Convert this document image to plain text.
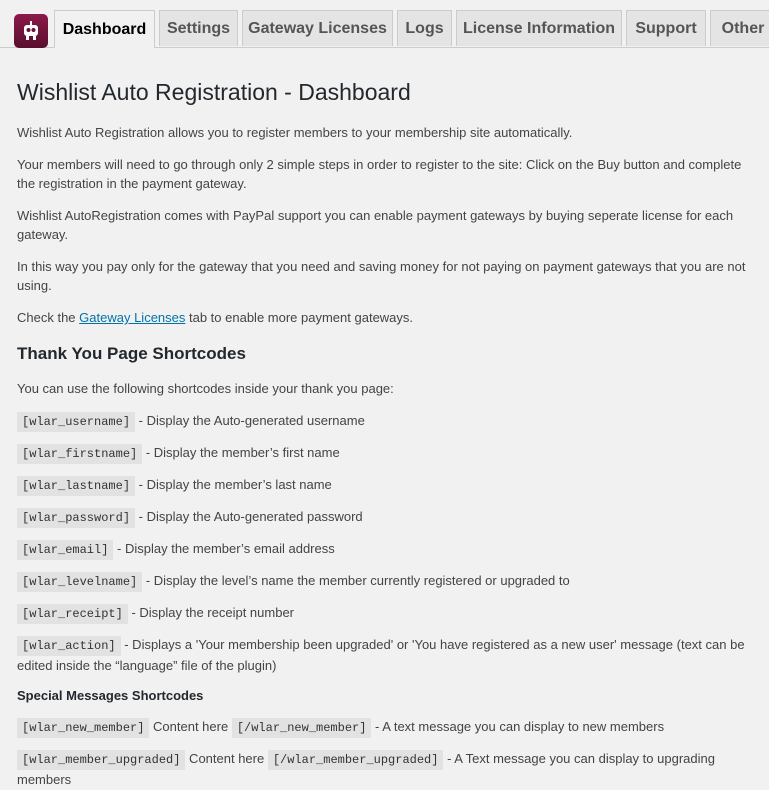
Dashboard	Settings	Gateway Licenses	Logs	License Information	Support	Other
Wishlist Auto Registration - Dashboard

Wishlist Auto Registration allows you to register members to your membership site automatically.

Your members will need to go through only 2 simple steps in order to register to the site: Click on the Buy button and complete the registration in the payment gateway.

Wishlist AutoRegistration comes with PayPal support you can enable payment gateways by buying seperate license for each gateway.

In this way you pay only for the gateway that you need and saving money for not paying on payment gateways that you are not using.

Check the Gateway Licenses tab to enable more payment gateways.

Thank You Page Shortcodes

You can use the following shortcodes inside your thank you page:

[wlar_username] - Display the Auto-generated username

[wlar_firstname] - Display the member’s first name

[wlar_lastname] - Display the member’s last name

[wlar_password] - Display the Auto-generated password

[wlar_email] - Display the member’s email address

[wlar_levelname] - Display the level’s name the member currently registered or upgraded to

[wlar_receipt] - Display the receipt number

[wlar_action] - Displays a 'Your membership been upgraded' or 'You have registered as a new user' message (text can be edited inside the “language” file of the plugin)

Special Messages Shortcodes

[wlar_new_member] Content here [/wlar_new_member] - A text message you can display to new members

[wlar_member_upgraded] Content here [/wlar_member_upgraded] - A Text message you can display to upgrading members
